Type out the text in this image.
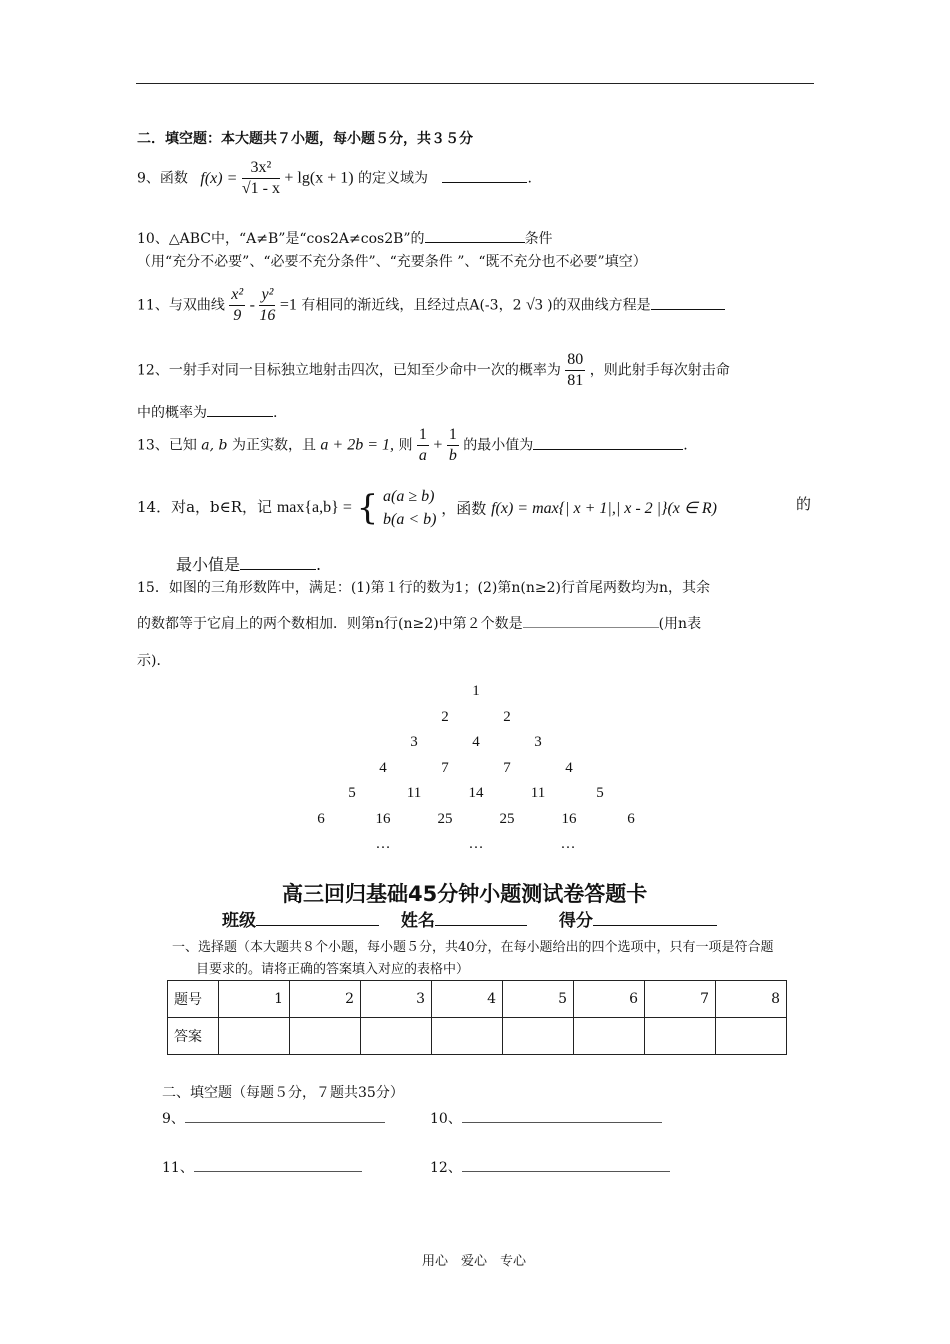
二．填空题：本大题共７小题，每小题５分，共３５分
9、函数 $f(x) = \frac{\text{3x²}}{√1 - x} + \lg(x + 1)$ 的定义域为	.
10、△ABC中，“A≠B”是“cos2A≠cos2B”的	条件
（用“充分不必要”、“必要不充分条件”、“充要条件 ”、“既不充分也不必要”填空）
11、与双曲线 $\frac{\text{x²}}{9} - \frac{\text{y²}}{16} =1$ 有相同的渐近线，且经过点A(-3，2 √3 )的双曲线方程是
12、一射手对同一目标独立地射击四次，已知至少命中一次的概率为 $\frac{80}{81}$ ，则此射手每次射击命
中的概率为	.
13、已知 a, b 为正实数，且 a + 2b = 1, 则 $\frac{1}{a} + \frac{1}{b}$ 的最小值为	.
14．对a，b∈R，记 max{a,b} = { a(a ≥ b)
b(a < b)
，函数 f(x) = max{| x + 1|,| x - 2 |}(x ∈ R)	的
最小值是	.
15．如图的三角形数阵中，满足：(1)第１行的数为1；(2)第n(n≥2)行首尾两数均为n，其余
的数都等于它肩上的两个数相加．则第n行(n≥2)中第２个数是	(用n表
示)．
1
2	2
3	4	3
4	7	7	4
5	11	14	11	5
6	16	25	25	16	6
…	…	…
高三回归基础45分钟小题测试卷答题卡
班级	姓名	得分
一、选择题（本大题共８个小题，每小题５分，共40分，在每小题给出的四个选项中，只有一项是符合题
目要求的。请将正确的答案填入对应的表格中）
题号	1	2	3	4	5	6	7	8
答案								
二、填空题（每题５分，７题共35分）
9、	10、
11、	12、
用心　爱心　专心
